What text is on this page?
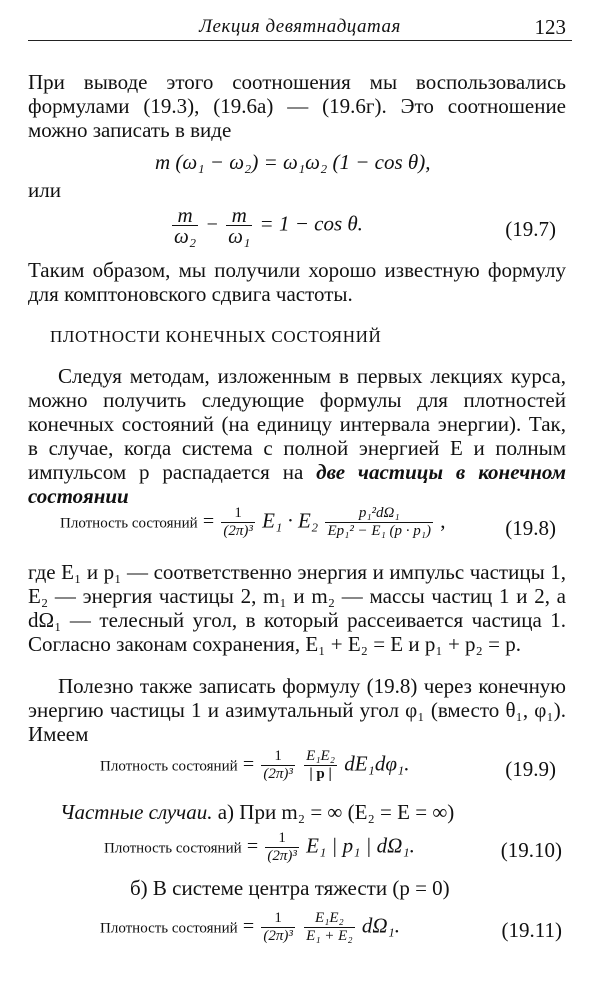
Лекция девятнадцатая	123
При выводе этого соотношения мы воспользовались формулами (19.3), (19.6а) — (19.6г). Это соотношение можно записать в виде
m (ω₁ − ω₂) = ω₁ω₂ (1 − cos θ),
или
$\frac{m}{\text{ω₂}} - \frac{m}{\text{ω₁}} = 1 - \cos \theta$.	(19.7)
Таким образом, мы получили хорошо известную формулу для комптоновского сдвига частоты.
ПЛОТНОСТИ КОНЕЧНЫХ СОСТОЯНИЙ
Следуя методам, изложенным в первых лекциях курса, можно получить следующие формулы для плотностей конечных состояний (на единицу интервала энергии). Так, в случае, когда система с полной энергией E и полным импульсом p распадается на две частицы в конечном состоянии
Плотность состояний = $\frac{1}{\text{(2π)³}} E_1 \cdot E_2 \frac{\text{p₁²dΩ₁}}{\text{Ep₁² − E₁ (p · p₁)}}$ ,	(19.8)
где E₁ и p₁ — соответственно энергия и импульс частицы 1, E₂ — энергия частицы 2, m₁ и m₂ — массы частиц 1 и 2, а dΩ₁ — телесный угол, в который рассеивается частица 1. Согласно законам сохранения, E₁ + E₂ = E и p₁ + p₂ = p.
Полезно также записать формулу (19.8) через конечную энергию частицы 1 и азимутальный угол φ₁ (вместо θ₁, φ₁). Имеем
Плотность состояний = $\frac{1}{\text{(2π)³}}$
$\frac{\text{E₁E₂}}{| p |} dE_1d\varphi_1$.	(19.9)
Частные случаи. а) При m₂ = ∞ (E₂ = E = ∞)
Плотность состояний = $\frac{1}{\text{(2π)³}} E_1$ | p₁ | dΩ₁.	(19.10)
б) В системе центра тяжести (p = 0)
Плотность состояний = $\frac{1}{\text{(2π)³}}$
$\frac{\text{E₁E₂}}{\text{E₁ + E₂}} d\Omega_1$.	(19.11)
